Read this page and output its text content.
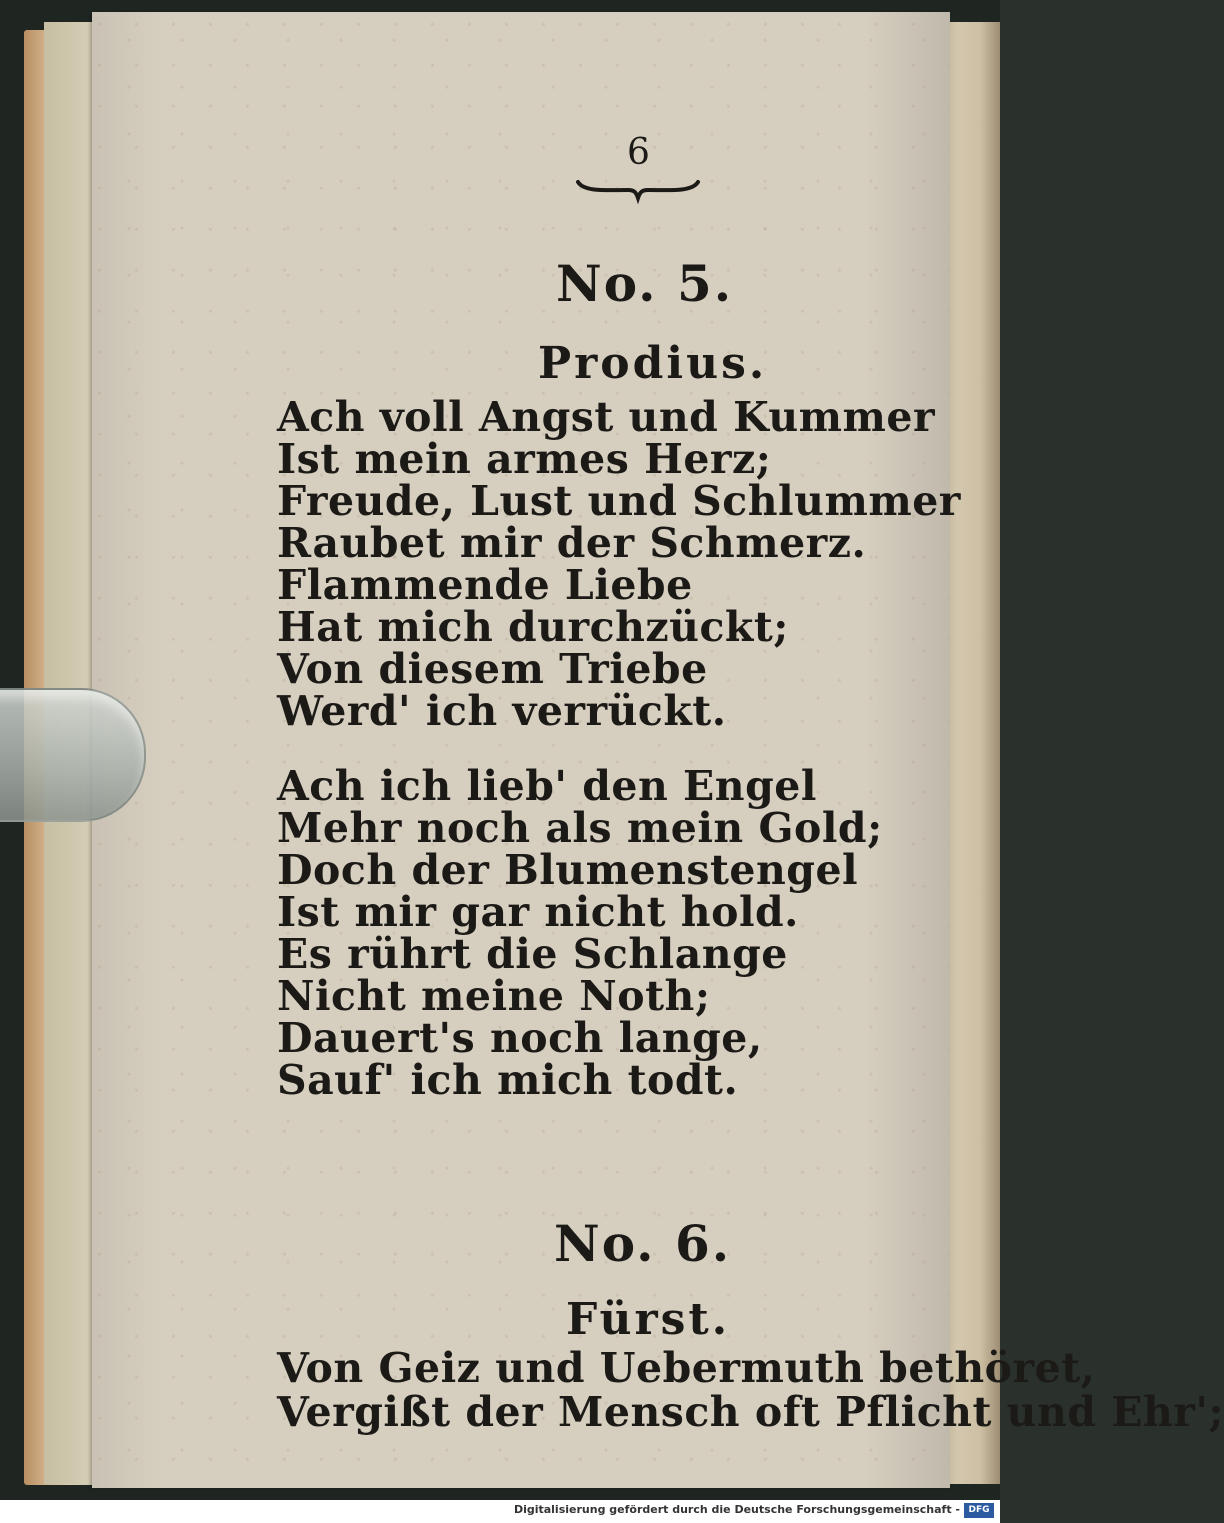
6
No. 5.
Prodius.
Ach voll Angst und Kummer
Ist mein armes Herz;
Freude, Lust und Schlummer
Raubet mir der Schmerz.
Flammende Liebe
Hat mich durchzückt;
Von diesem Triebe
Werd' ich verrückt.
Ach ich lieb' den Engel
Mehr noch als mein Gold;
Doch der Blumenstengel
Ist mir gar nicht hold.
Es rührt die Schlange
Nicht meine Noth;
Dauert's noch lange,
Sauf' ich mich todt.
No. 6.
Fürst.
Von Geiz und Uebermuth bethöret,
Vergißt der Mensch oft Pflicht und Ehr';
Digitalisierung gefördert durch die Deutsche Forschungsgemeinschaft - DFG
